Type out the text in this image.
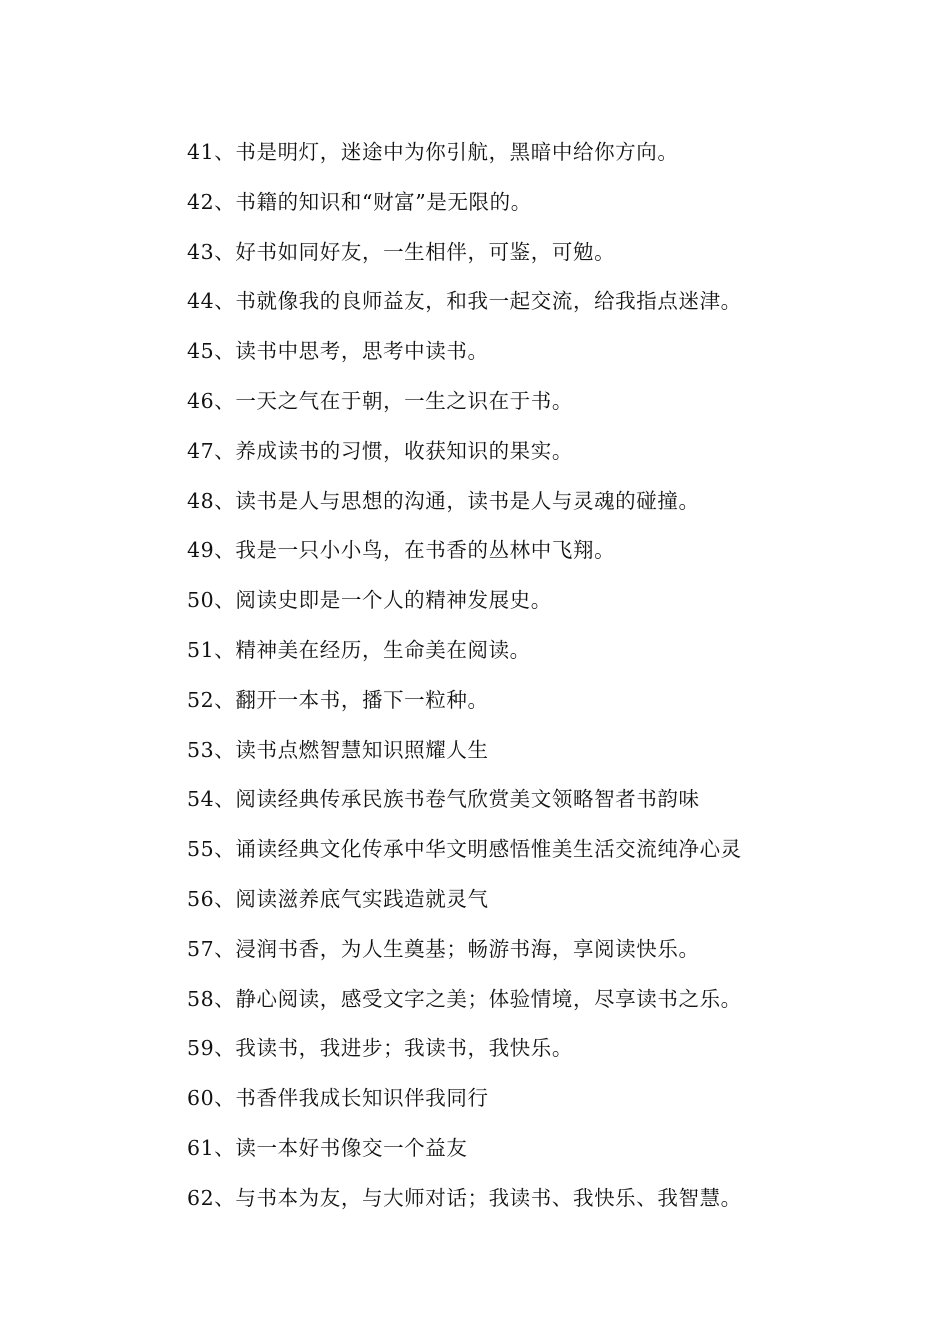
41、书是明灯，迷途中为你引航，黑暗中给你方向。
42、书籍的知识和“财富”是无限的。
43、好书如同好友，一生相伴，可鉴，可勉。
44、书就像我的良师益友，和我一起交流，给我指点迷津。
45、读书中思考，思考中读书。
46、一天之气在于朝，一生之识在于书。
47、养成读书的习惯，收获知识的果实。
48、读书是人与思想的沟通，读书是人与灵魂的碰撞。
49、我是一只小小鸟，在书香的丛林中飞翔。
50、阅读史即是一个人的精神发展史。
51、精神美在经历，生命美在阅读。
52、翻开一本书，播下一粒种。
53、读书点燃智慧知识照耀人生
54、阅读经典传承民族书卷气欣赏美文领略智者书韵味
55、诵读经典文化传承中华文明感悟惟美生活交流纯净心灵
56、阅读滋养底气实践造就灵气
57、浸润书香，为人生奠基；畅游书海，享阅读快乐。
58、静心阅读，感受文字之美；体验情境，尽享读书之乐。
59、我读书，我进步；我读书，我快乐。
60、书香伴我成长知识伴我同行
61、读一本好书像交一个益友
62、与书本为友，与大师对话；我读书、我快乐、我智慧。
